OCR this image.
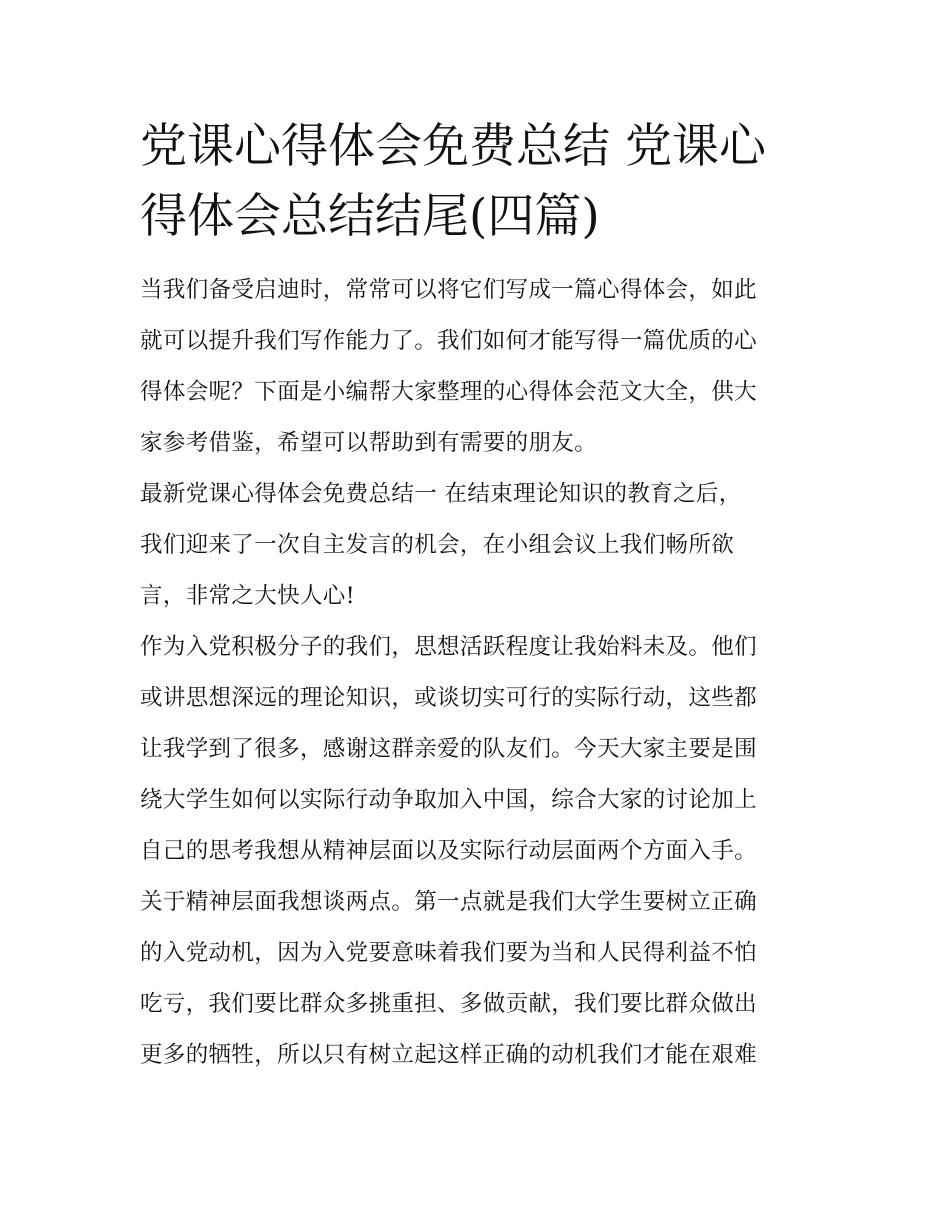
党课心得体会免费总结 党课心
得体会总结结尾(四篇)
当我们备受启迪时，常常可以将它们写成一篇心得体会，如此
就可以提升我们写作能力了。我们如何才能写得一篇优质的心
得体会呢？下面是小编帮大家整理的心得体会范文大全，供大
家参考借鉴，希望可以帮助到有需要的朋友。
最新党课心得体会免费总结一 在结束理论知识的教育之后，
我们迎来了一次自主发言的机会，在小组会议上我们畅所欲
言，非常之大快人心!
作为入党积极分子的我们，思想活跃程度让我始料未及。他们
或讲思想深远的理论知识，或谈切实可行的实际行动，这些都
让我学到了很多，感谢这群亲爱的队友们。今天大家主要是围
绕大学生如何以实际行动争取加入中国，综合大家的讨论加上
自己的思考我想从精神层面以及实际行动层面两个方面入手。
关于精神层面我想谈两点。第一点就是我们大学生要树立正确
的入党动机，因为入党要意味着我们要为当和人民得利益不怕
吃亏，我们要比群众多挑重担、多做贡献，我们要比群众做出
更多的牺牲，所以只有树立起这样正确的动机我们才能在艰难
